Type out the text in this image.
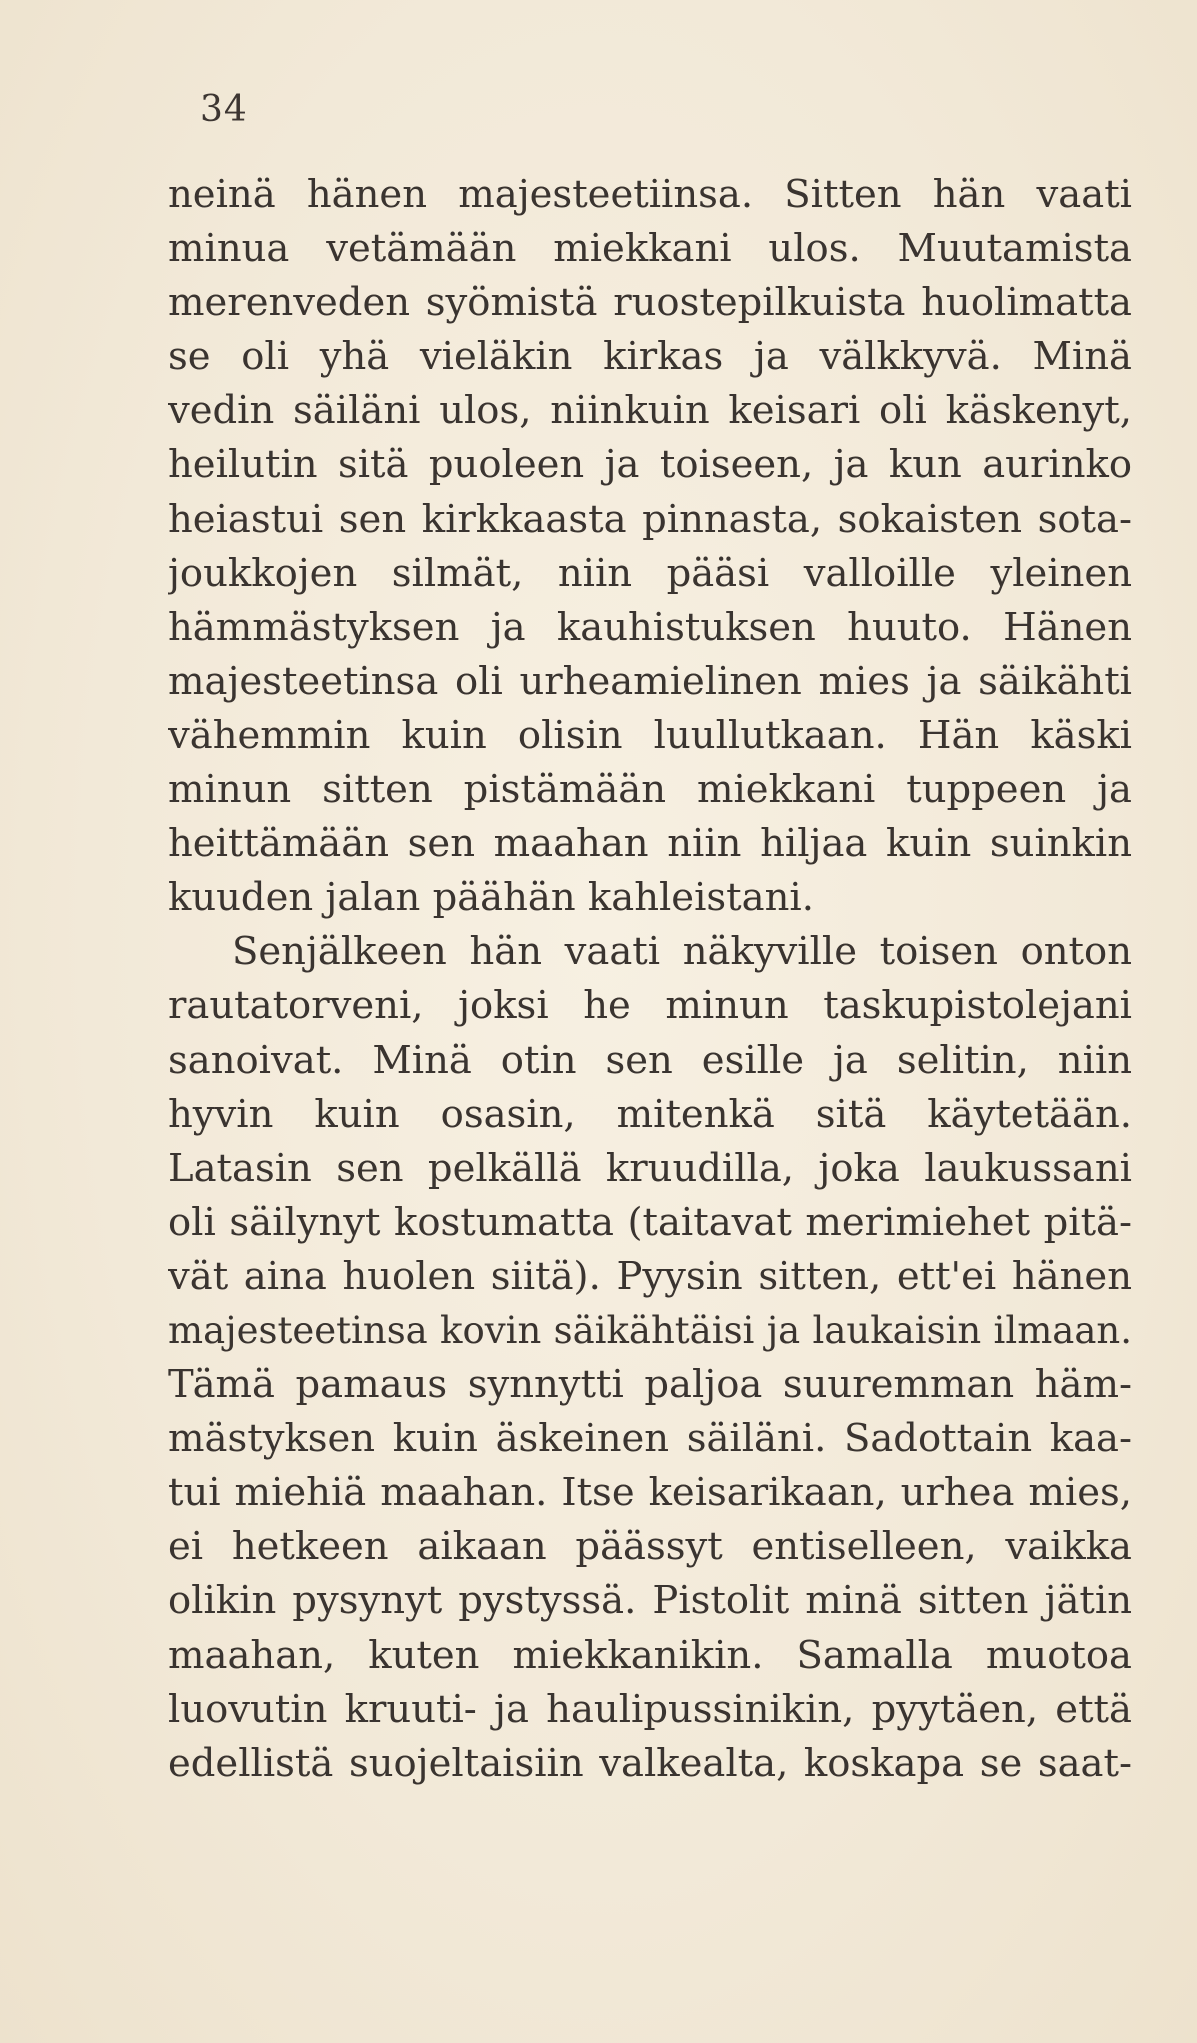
34
neinä hänen majesteetiinsa. Sitten hän vaati
minua vetämään miekkani ulos. Muutamista
merenveden syömistä ruostepilkuista huolimatta
se oli yhä vieläkin kirkas ja välkkyvä. Minä
vedin säiläni ulos, niinkuin keisari oli käskenyt,
heilutin sitä puoleen ja toiseen, ja kun aurinko
heiastui sen kirkkaasta pinnasta, sokaisten sota-
joukkojen silmät, niin pääsi valloille yleinen
hämmästyksen ja kauhistuksen huuto. Hänen
majesteetinsa oli urheamielinen mies ja säikähti
vähemmin kuin olisin luullutkaan. Hän käski
minun sitten pistämään miekkani tuppeen ja
heittämään sen maahan niin hiljaa kuin suinkin
kuuden jalan päähän kahleistani.
Senjälkeen hän vaati näkyville toisen onton
rautatorveni, joksi he minun taskupistolejani
sanoivat. Minä otin sen esille ja selitin, niin
hyvin kuin osasin, mitenkä sitä käytetään.
Latasin sen pelkällä kruudilla, joka laukussani
oli säilynyt kostumatta (taitavat merimiehet pitä-
vät aina huolen siitä). Pyysin sitten, ett'ei hänen
majesteetinsa kovin säikähtäisi ja laukaisin ilmaan.
Tämä pamaus synnytti paljoa suuremman häm-
mästyksen kuin äskeinen säiläni. Sadottain kaa-
tui miehiä maahan. Itse keisarikaan, urhea mies,
ei hetkeen aikaan päässyt entiselleen, vaikka
olikin pysynyt pystyssä. Pistolit minä sitten jätin
maahan, kuten miekkanikin. Samalla muotoa
luovutin kruuti- ja haulipussinikin, pyytäen, että
edellistä suojeltaisiin valkealta, koskapa se saat-
